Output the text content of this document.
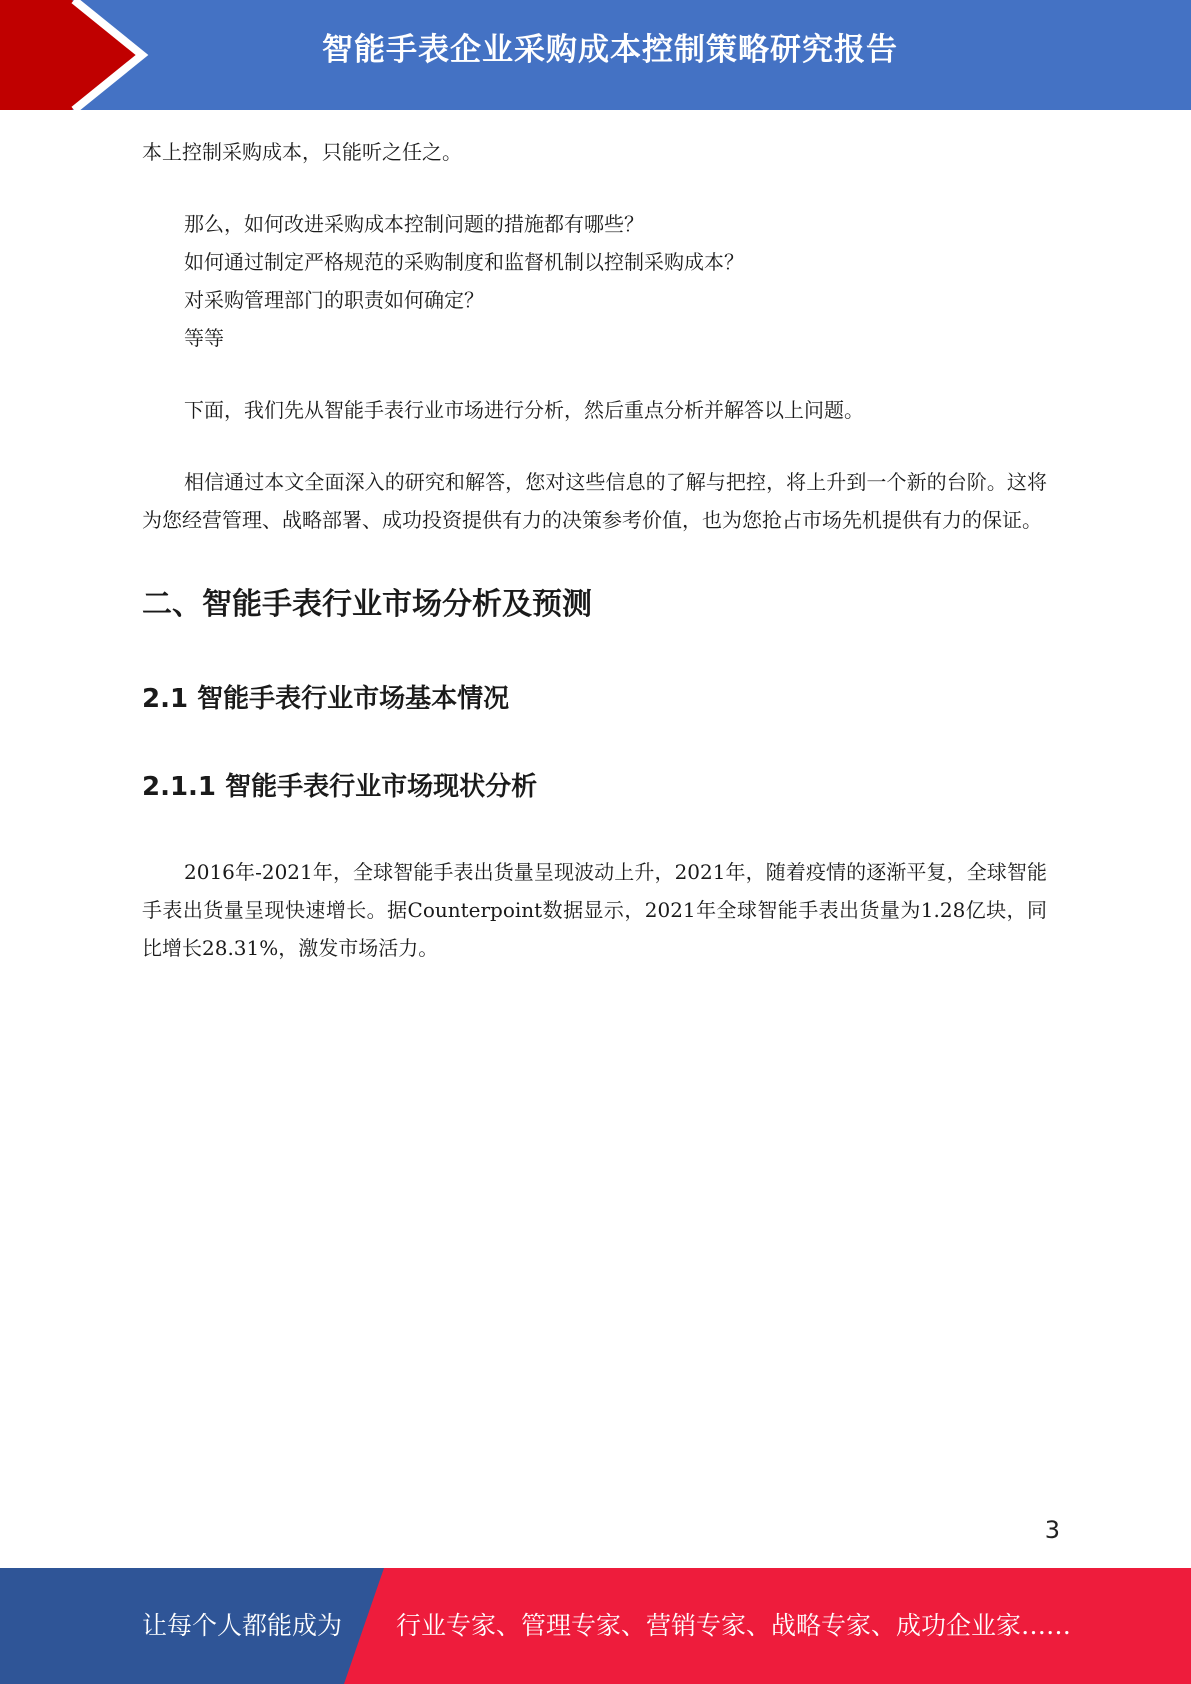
智能手表企业采购成本控制策略研究报告

本上控制采购成本，只能听之任之。

那么，如何改进采购成本控制问题的措施都有哪些？
如何通过制定严格规范的采购制度和监督机制以控制采购成本？
对采购管理部门的职责如何确定？
等等

下面，我们先从智能手表行业市场进行分析，然后重点分析并解答以上问题。

相信通过本文全面深入的研究和解答，您对这些信息的了解与把控，将上升到一个新的台阶。这将为您经营管理、战略部署、成功投资提供有力的决策参考价值，也为您抢占市场先机提供有力的保证。

二、智能手表行业市场分析及预测
2.1 智能手表行业市场基本情况
2.1.1 智能手表行业市场现状分析

2016年-2021年，全球智能手表出货量呈现波动上升，2021年，随着疫情的逐渐平复，全球智能手表出货量呈现快速增长。据Counterpoint数据显示，2021年全球智能手表出货量为1.28亿块，同比增长28.31%，激发市场活力。

3
让每个人都能成为 行业专家、管理专家、营销专家、战略专家、成功企业家……
